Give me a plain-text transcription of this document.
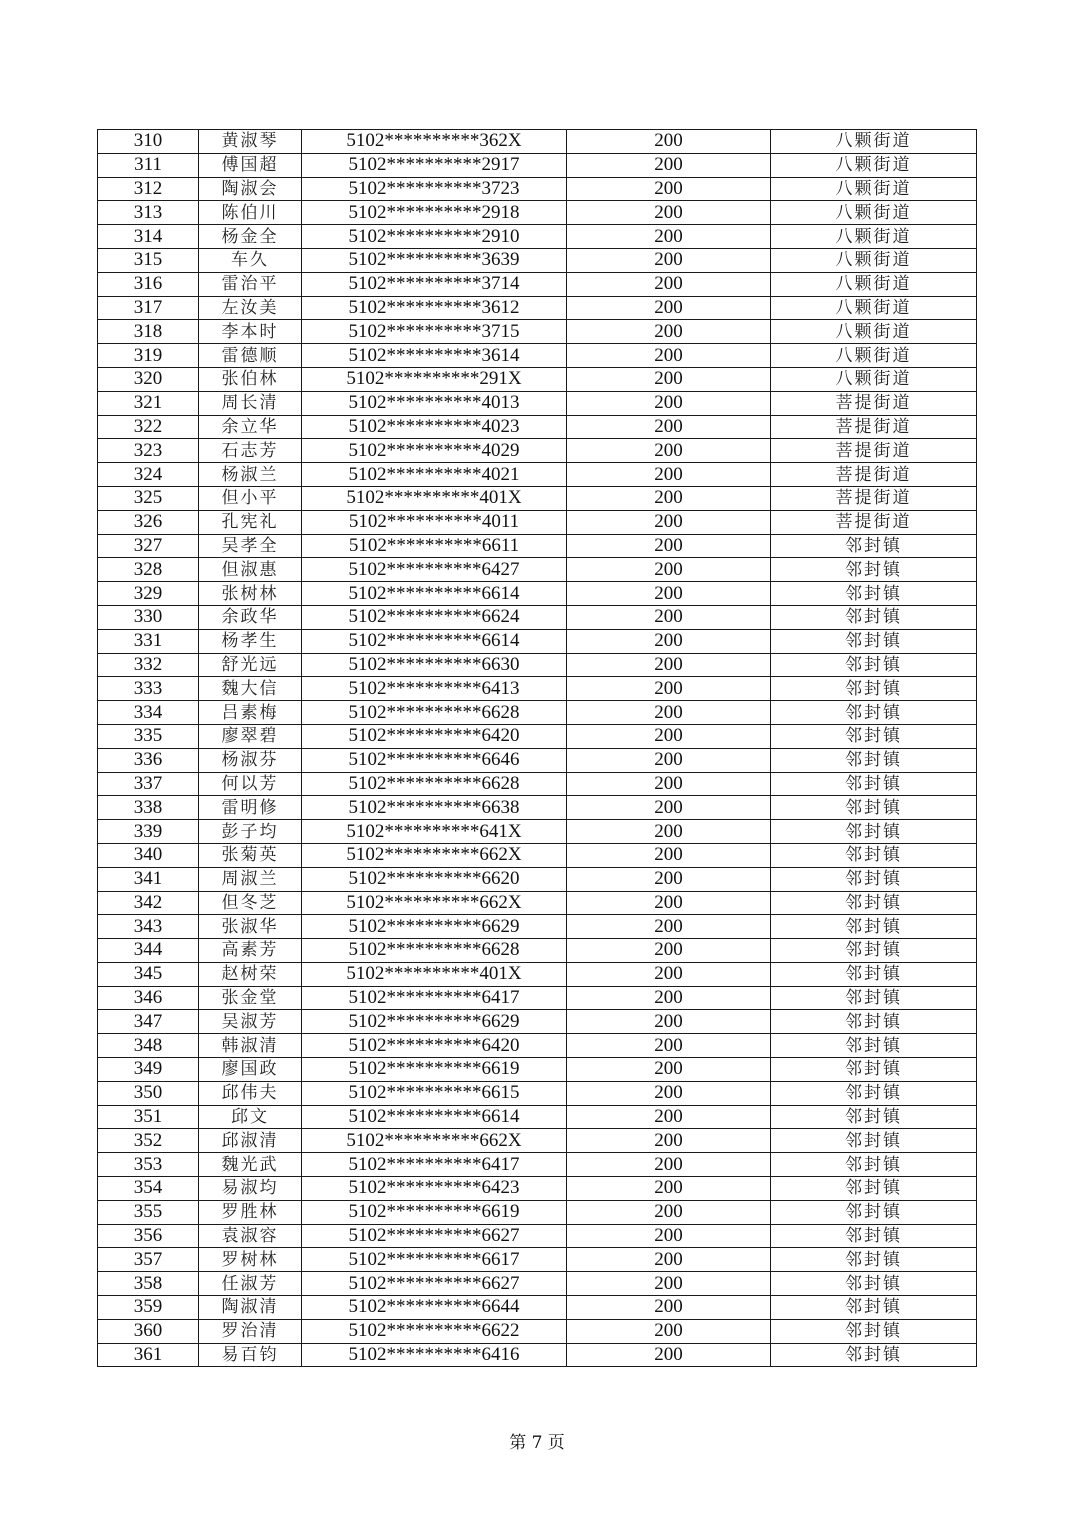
310	黄淑琴	5102**********362X	200	八颗街道
311	傅国超	5102**********2917	200	八颗街道
312	陶淑会	5102**********3723	200	八颗街道
313	陈伯川	5102**********2918	200	八颗街道
314	杨金全	5102**********2910	200	八颗街道
315	车久	5102**********3639	200	八颗街道
316	雷治平	5102**********3714	200	八颗街道
317	左汝美	5102**********3612	200	八颗街道
318	李本时	5102**********3715	200	八颗街道
319	雷德顺	5102**********3614	200	八颗街道
320	张伯林	5102**********291X	200	八颗街道
321	周长清	5102**********4013	200	菩提街道
322	余立华	5102**********4023	200	菩提街道
323	石志芳	5102**********4029	200	菩提街道
324	杨淑兰	5102**********4021	200	菩提街道
325	但小平	5102**********401X	200	菩提街道
326	孔宪礼	5102**********4011	200	菩提街道
327	吴孝全	5102**********6611	200	邻封镇
328	但淑惠	5102**********6427	200	邻封镇
329	张树林	5102**********6614	200	邻封镇
330	余政华	5102**********6624	200	邻封镇
331	杨孝生	5102**********6614	200	邻封镇
332	舒光远	5102**********6630	200	邻封镇
333	魏大信	5102**********6413	200	邻封镇
334	吕素梅	5102**********6628	200	邻封镇
335	廖翠碧	5102**********6420	200	邻封镇
336	杨淑芬	5102**********6646	200	邻封镇
337	何以芳	5102**********6628	200	邻封镇
338	雷明修	5102**********6638	200	邻封镇
339	彭子均	5102**********641X	200	邻封镇
340	张菊英	5102**********662X	200	邻封镇
341	周淑兰	5102**********6620	200	邻封镇
342	但冬芝	5102**********662X	200	邻封镇
343	张淑华	5102**********6629	200	邻封镇
344	高素芳	5102**********6628	200	邻封镇
345	赵树荣	5102**********401X	200	邻封镇
346	张金堂	5102**********6417	200	邻封镇
347	吴淑芳	5102**********6629	200	邻封镇
348	韩淑清	5102**********6420	200	邻封镇
349	廖国政	5102**********6619	200	邻封镇
350	邱伟夫	5102**********6615	200	邻封镇
351	邱文	5102**********6614	200	邻封镇
352	邱淑清	5102**********662X	200	邻封镇
353	魏光武	5102**********6417	200	邻封镇
354	易淑均	5102**********6423	200	邻封镇
355	罗胜林	5102**********6619	200	邻封镇
356	袁淑容	5102**********6627	200	邻封镇
357	罗树林	5102**********6617	200	邻封镇
358	任淑芳	5102**********6627	200	邻封镇
359	陶淑清	5102**********6644	200	邻封镇
360	罗治清	5102**********6622	200	邻封镇
361	易百钧	5102**********6416	200	邻封镇
第 7 页
